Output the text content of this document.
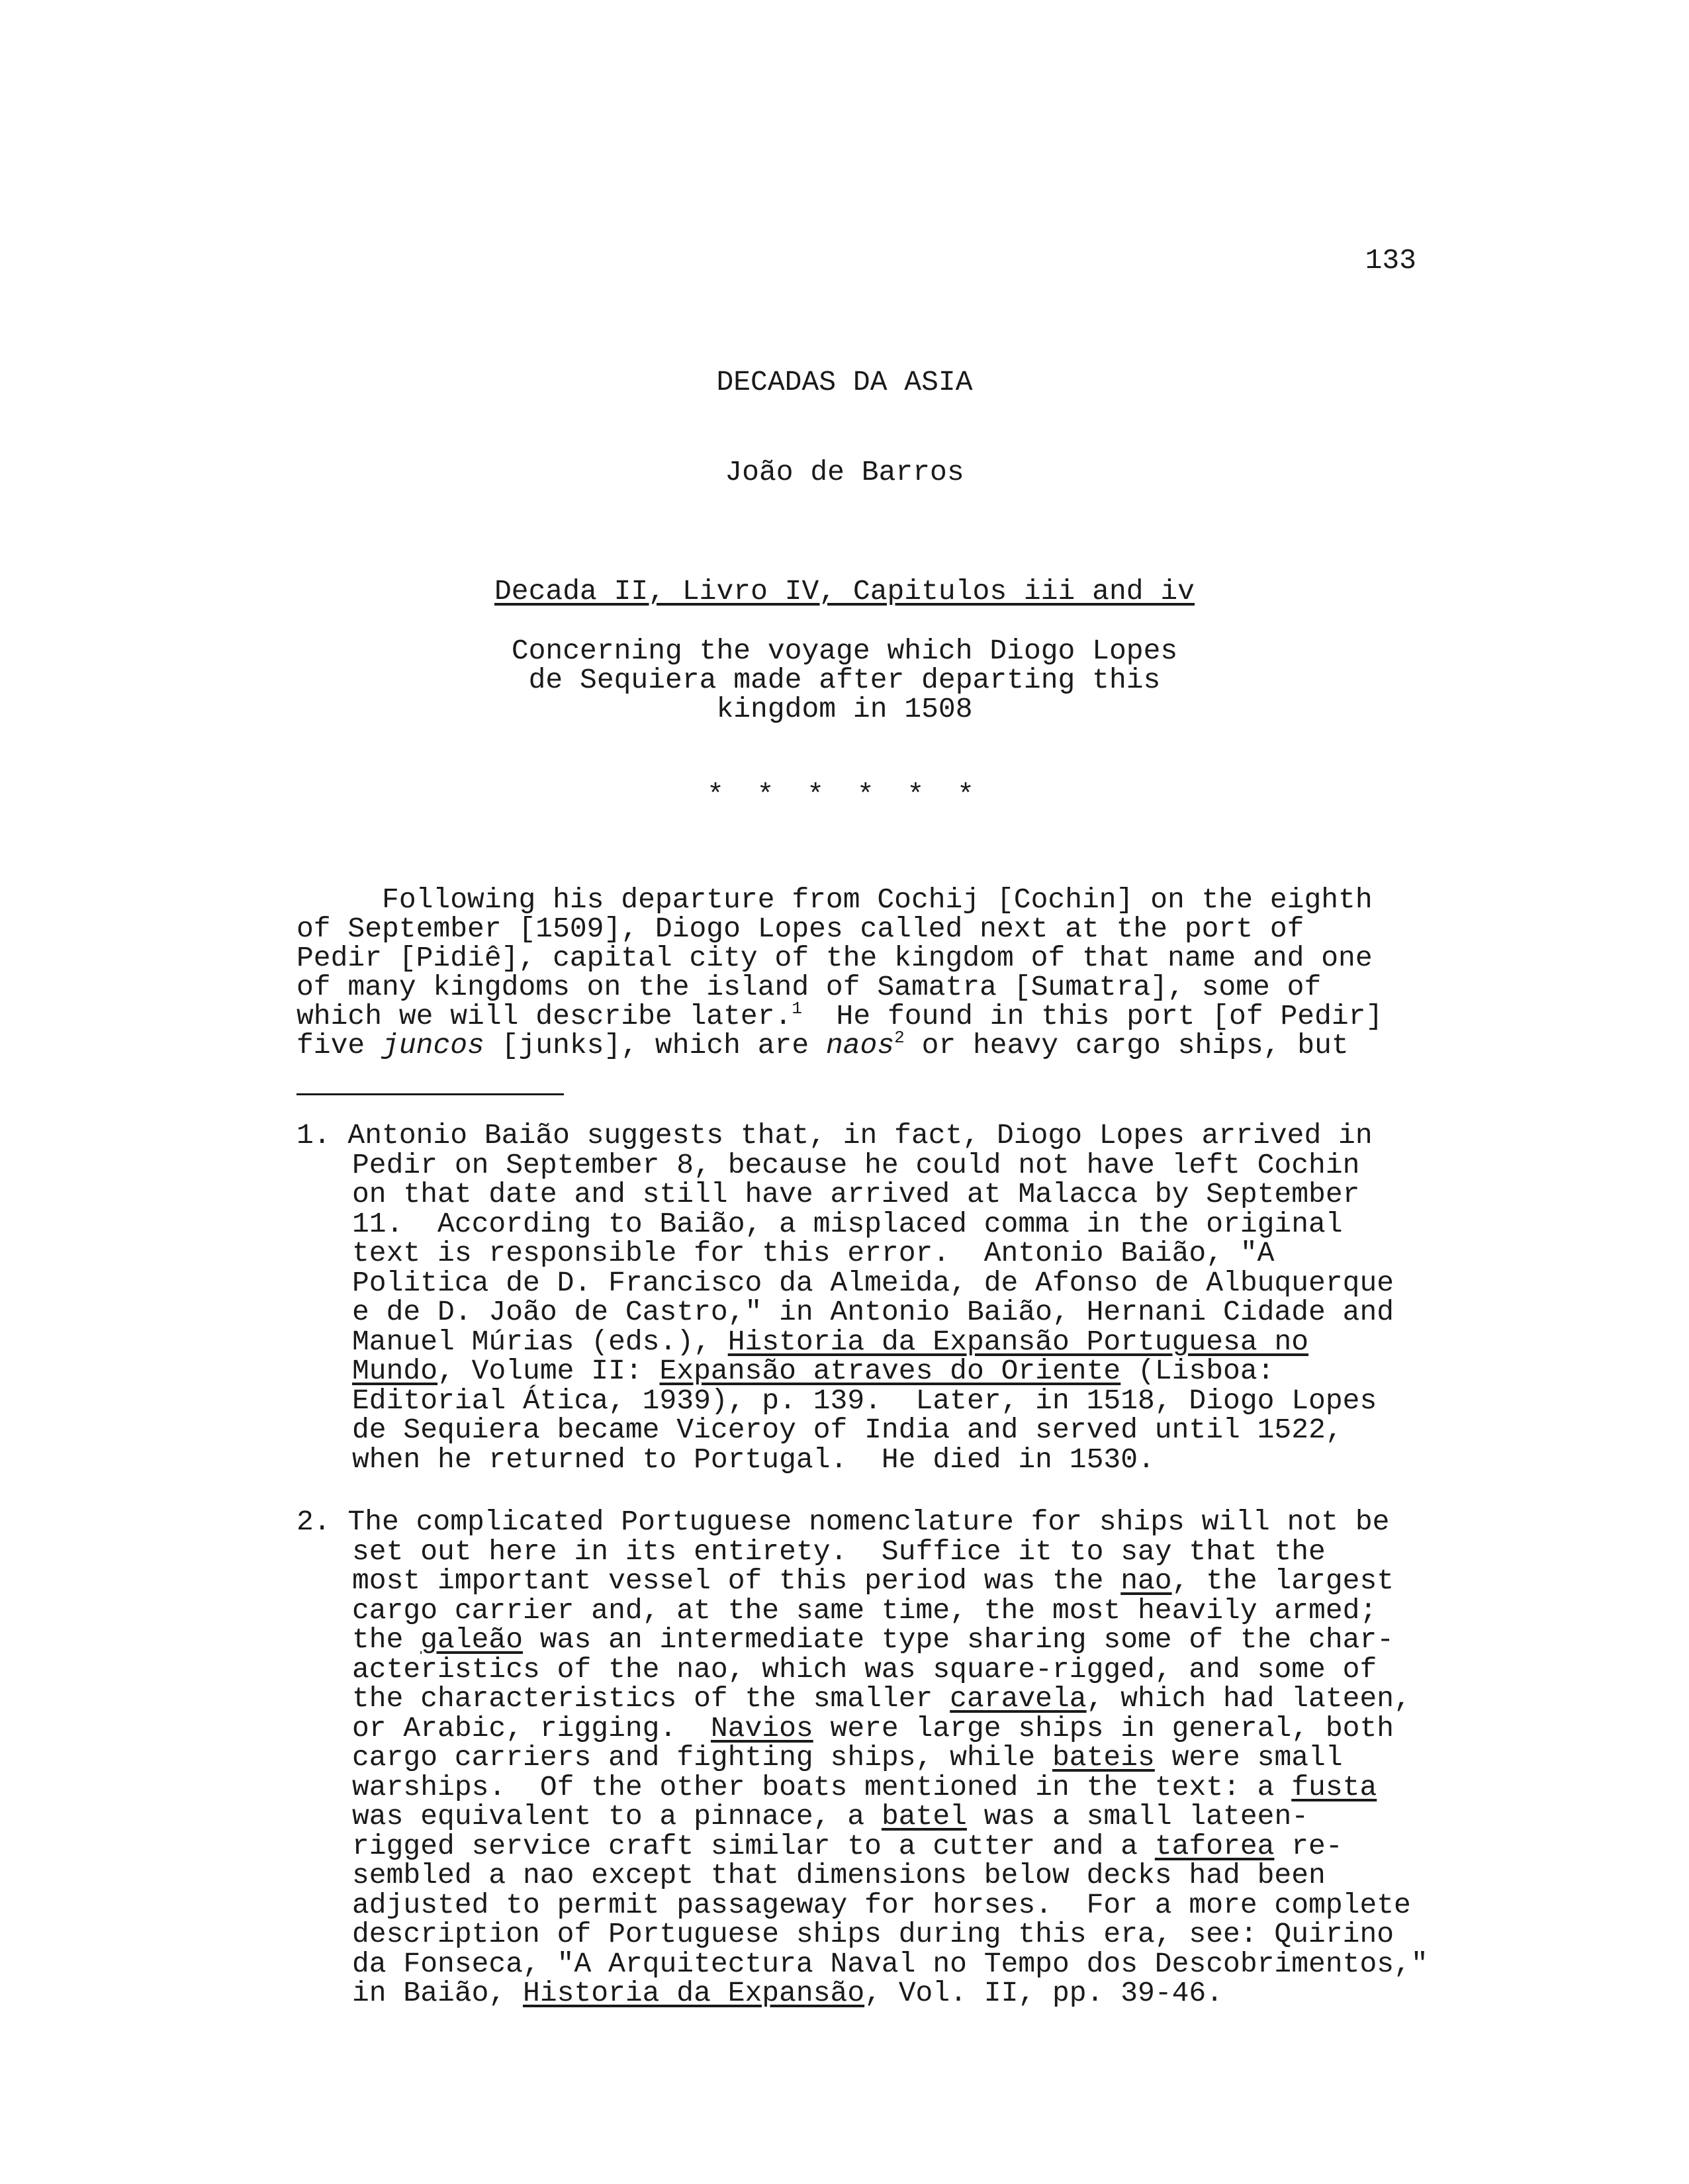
133
DECADAS DA ASIA
João de Barros
Decada II, Livro IV, Capitulos iii and iv
Concerning the voyage which Diogo Lopes
de Sequiera made after departing this
kingdom in 1508
* * * * * *
Following his departure from Cochij [Cochin] on the eighth
of September [1509], Diogo Lopes called next at the port of
Pedir [Pidiê], capital city of the kingdom of that name and one
of many kingdoms on the island of Samatra [Sumatra], some of
which we will describe later.$^1$  He found in this port [of Pedir]
five juncos [junks], which are naos$^2$ or heavy cargo ships, but
1. Antonio Baião suggests that, in fact, Diogo Lopes arrived in
Pedir on September 8, because he could not have left Cochin
on that date and still have arrived at Malacca by September
11.  According to Baião, a misplaced comma in the original
text is responsible for this error.  Antonio Baião, "A
Politica de D. Francisco da Almeida, de Afonso de Albuquerque
e de D. João de Castro," in Antonio Baião, Hernani Cidade and
Manuel Múrias (eds.), Historia da Expansão Portuguesa no
Mundo, Volume II: Expansão atraves do Oriente (Lisboa:
Editorial Ática, 1939), p. 139.  Later, in 1518, Diogo Lopes
de Sequiera became Viceroy of India and served until 1522,
when he returned to Portugal.  He died in 1530.
2. The complicated Portuguese nomenclature for ships will not be
set out here in its entirety.  Suffice it to say that the
most important vessel of this period was the nao, the largest
cargo carrier and, at the same time, the most heavily armed;
the galeão was an intermediate type sharing some of the char-
acteristics of the nao, which was square-rigged, and some of
the characteristics of the smaller caravela, which had lateen,
or Arabic, rigging.  Navios were large ships in general, both
cargo carriers and fighting ships, while bateis were small
warships.  Of the other boats mentioned in the text: a fusta
was equivalent to a pinnace, a batel was a small lateen-
rigged service craft similar to a cutter and a taforea re-
sembled a nao except that dimensions below decks had been
adjusted to permit passageway for horses.  For a more complete
description of Portuguese ships during this era, see: Quirino
da Fonseca, "A Arquitectura Naval no Tempo dos Descobrimentos,"
in Baião, Historia da Expansão, Vol. II, pp. 39-46.
